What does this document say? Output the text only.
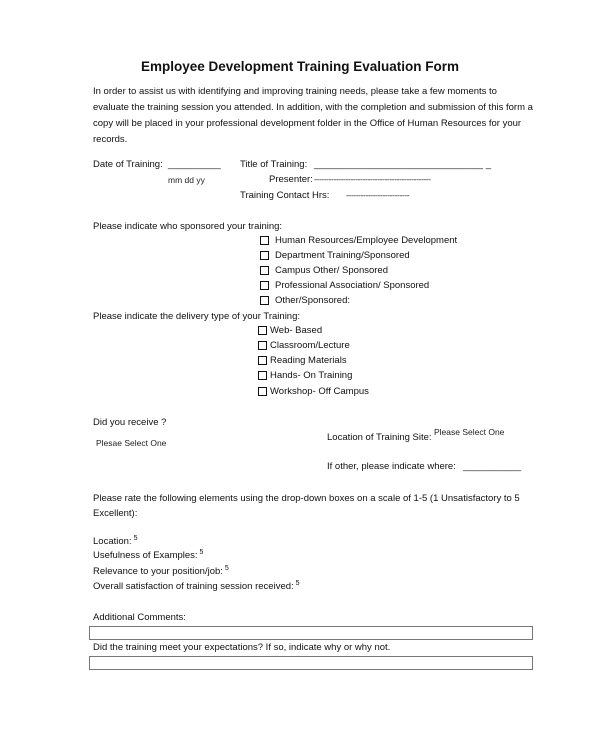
Employee Development Training Evaluation Form
In order to assist us with identifying and improving training needs, please take a few moments to evaluate the training session you attended. In addition, with the completion and submission of this form a copy will be placed in your professional development folder in the Office of Human Resources for your records.
Date of Training: __________
mm dd yy
Title of Training: ________________________________ _
Presenter: ------------------------------------------------
Training Contact Hrs: --------------------------
Please indicate who sponsored your training:
Human Resources/Employee Development
Department Training/Sponsored
Campus Other/ Sponsored
Professional Association/ Sponsored
Other/Sponsored:
Please indicate the delivery type of your Training:
Web- Based
Classroom/Lecture
Reading Materials
Hands- On Training
Workshop- Off Campus
Did you receive ?
Plesae Select One	Location of Training Site: Please Select One
If other, please indicate where: ___________
Please rate the following elements using the drop-down boxes on a scale of 1-5 (1 Unsatisfactory to 5 Excellent):
Location: $^5$
Usefulness of Examples: $^5$
Relevance to your position/job: $^5$
Overall satisfaction of training session received: $^5$
Additional Comments:
Did the training meet your expectations? If so, indicate why or why not.
